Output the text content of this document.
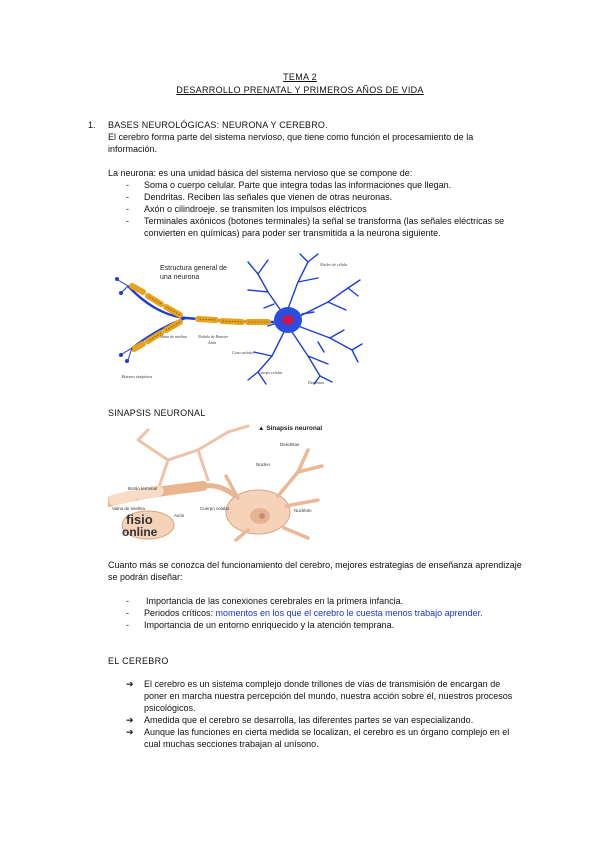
TEMA 2
DESARROLLO PRENATAL Y PRIMEROS AÑOS DE VIDA
1. BASES NEUROLÓGICAS: NEURONA Y CEREBRO.
El cerebro forma parte del sistema nervioso, que tiene como función el procesamiento de la
información.
La neurona: es una unidad básica del sistema nervioso que se compone de:
- Soma o cuerpo celular. Parte que integra todas las informaciones que llegan.
- Dendritas. Reciben las señales que vienen de otras neuronas.
- Axón o cilindroeje. se transmiten los impulsos eléctricos
- Terminales axónicos (botones terminales) la señal se transforma (las señales eléctricas se
convierten en químicas) para poder ser transmitida a la neurona siguiente.
Estructura general de
una neurona
Núcleo de célula
Vaina de mielina
Axón
Nódulo de Ranvier
Cono axónico
Cuerpo celular
Dendritas
Botones sinápticos
SINAPSIS NEURONAL
▲ Sinapsis neuronal
Dendritas
Núcleo
Nucléolo
Botón terminal
Vaina de mielina
Axón
Cuerpo celular
fisio
online
Cuanto más se conozca del funcionamiento del cerebro, mejores estrategias de enseñanza aprendizaje
se podrán diseñar:
- Importancia de las conexiones cerebrales en la primera infancia.
- Periodos críticos: momentos en los que el cerebro le cuesta menos trabajo aprender.
- Importancia de un entorno enriquecido y la atención temprana.
EL CEREBRO
➔ El cerebro es un sistema complejo donde trillones de vías de transmisión de encargan de
poner en marcha nuestra percepción del mundo, nuestra acción sobre él, nuestros procesos
psicológicos.
➔ Amedida que el cerebro se desarrolla, las diferentes partes se van especializando.
➔ Aunque las funciones en cierta medida se localizan, el cerebro es un órgano complejo en el
cual muchas secciones trabajan al unísono.
